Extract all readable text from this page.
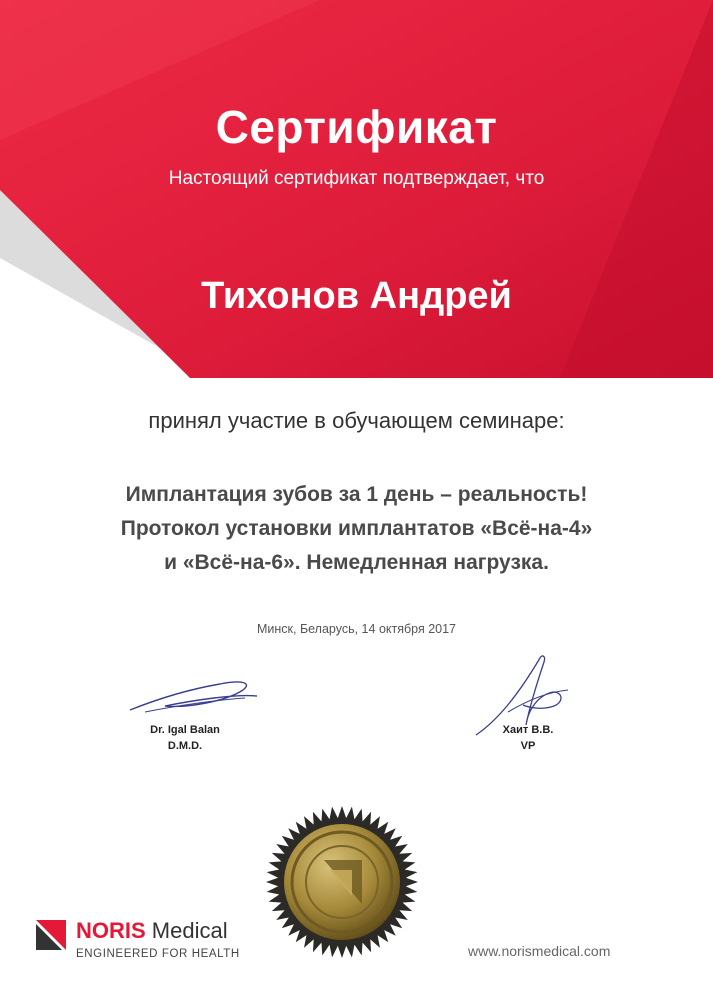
Сертификат
Настоящий сертификат подтверждает, что
Тихонов Андрей
принял участие в обучающем семинаре:
Имплантация зубов за 1 день – реальность!
Протокол установки имплантатов «Всё-на-4»
и «Всё-на-6». Немедленная нагрузка.
Минск, Беларусь, 14 октября 2017
Dr. Igal Balan
D.M.D.
Хаит В.В.
VP
NORIS Medical
ENGINEERED FOR HEALTH	www.norismedical.com
